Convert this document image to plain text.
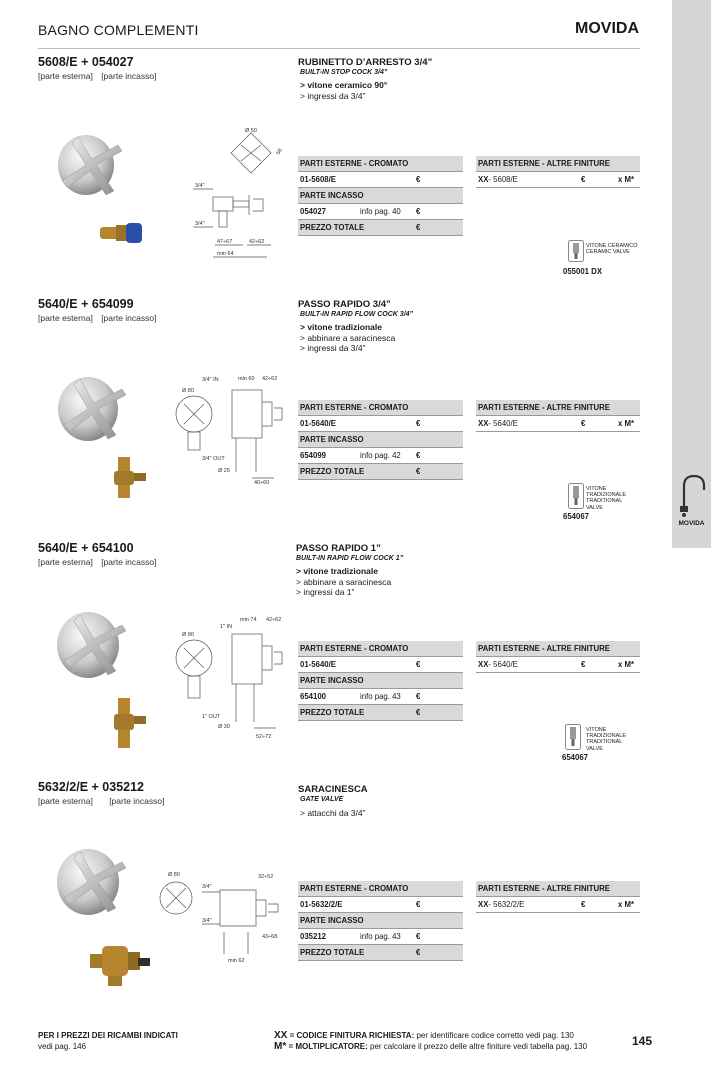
BAGNO COMPLEMENTI	MOVIDA
MOVIDA
5608/E + 054027
[parte esterna] [parte incasso]
RUBINETTO D’ARRESTO 3/4”
BUILT-IN STOP COCK 3/4”
> vitone ceramico 90°
> ingressi da 3/4”
Ø 50
58
3/4"
3/4"
47÷67	42÷62
min 64
PARTI ESTERNE - CROMATO
01-5608/E	€
PARTE INCASSO
054027	info pag. 40 €
PREZZO TOTALE	€
PARTI ESTERNE - ALTRE FINITURE
XX- 5608/E	€	x M*
VITONE CERAMICO
CERAMIC VALVE
055001 DX
5640/E + 654099
[parte esterna] [parte incasso]
PASSO RAPIDO 3/4”
BUILT-IN RAPID FLOW COCK 3/4”
> vitone tradizionale
> abbinare a saracinesca
> ingressi da 3/4”
3/4" IN	min 60 42÷62
Ø 80
3/4" OUT
Ø 25
40÷60
PARTI ESTERNE - CROMATO
01-5640/E	€
PARTE INCASSO
654099	info pag. 42 €
PREZZO TOTALE	€
PARTI ESTERNE - ALTRE FINITURE
XX- 5640/E	€	x M*
VITONE
TRADIZIONALE
TRADITIONAL VALVE
654067
5640/E + 654100
[parte esterna] [parte incasso]
PASSO RAPIDO 1”
BUILT-IN RAPID FLOW COCK 1”
> vitone tradizionale
> abbinare a saracinesca
> ingressi da 1”
1" IN
min 74 42÷62
Ø 80
1" OUT
Ø 30
52÷72
PARTI ESTERNE - CROMATO
01-5640/E	€
PARTE INCASSO
654100	info pag. 43 €
PREZZO TOTALE	€
PARTI ESTERNE - ALTRE FINITURE
XX- 5640/E	€	x M*
VITONE
TRADIZIONALE
TRADITIONAL VALVE
654067
5632/2/E + 035212
[parte esterna] [parte incasso]
SARACINESCA
GATE VALVE
> attacchi da 3/4”
Ø 80	32÷52
3/4"
3/4"
43÷68
min 62
PARTI ESTERNE - CROMATO
01-5632/2/E	€
PARTE INCASSO
035212	info pag. 43 €
PREZZO TOTALE	€
PARTI ESTERNE - ALTRE FINITURE
XX- 5632/2/E	€	x M*
PER I PREZZI DEI RICAMBI INDICATI
vedi pag. 146
XX = CODICE FINITURA RICHIESTA: per identificare codice corretto vedi pag. 130
M* = MOLTIPLICATORE: per calcolare il prezzo delle altre finiture vedi tabella pag. 130	145
